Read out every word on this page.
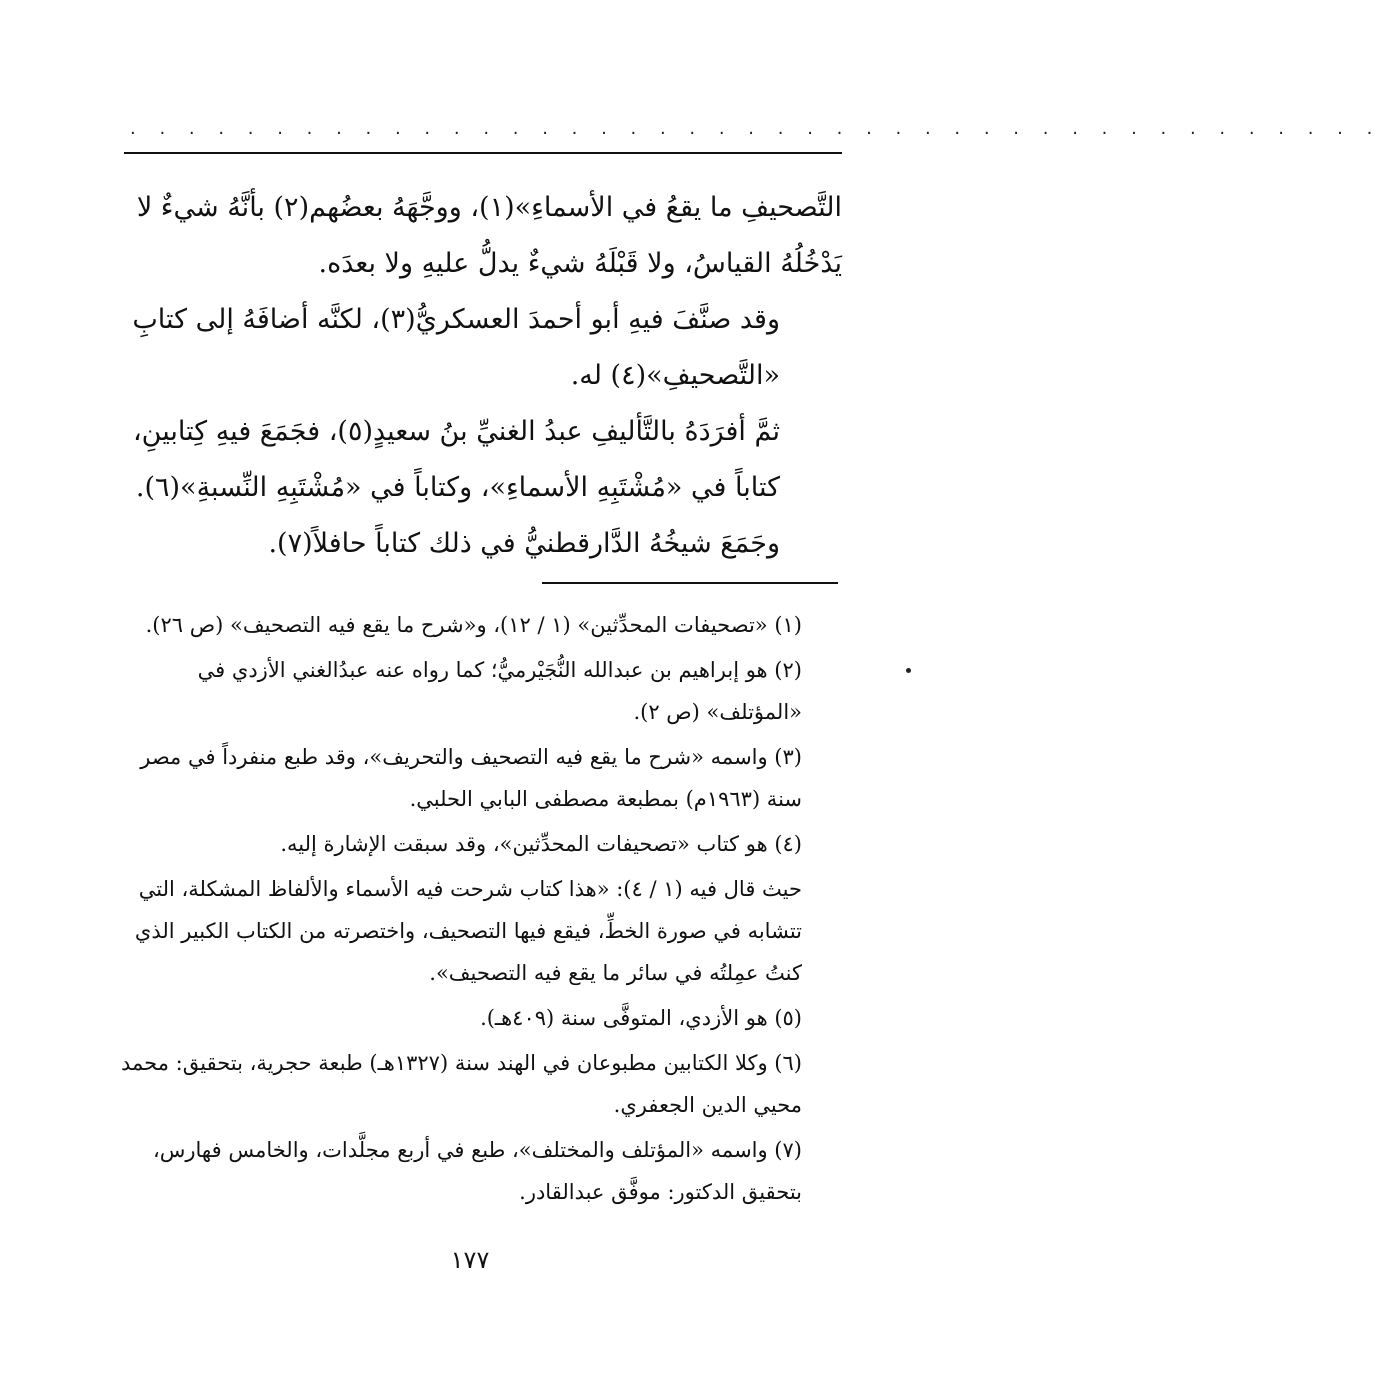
. . . . . . . . . . . . . . . . . . . . . . . . . . . . . . . . . . . . . . . . . . .

التَّصحيفِ ما يقعُ في الأسماءِ»(١)، ووجَّهَهُ بعضُهم(٢) بأنَّهُ شيءٌ لا يَدْخُلُهُ القياسُ، ولا قَبْلَهُ شيءٌ يدلُّ عليهِ ولا بعدَه.

وقد صنَّفَ فيهِ أبو أحمدَ العسكريُّ(٣)، لكنَّه أضافَهُ إلى كتابِ «التَّصحيفِ»(٤) له.

ثمَّ أفرَدَهُ بالتَّأليفِ عبدُ الغنيِّ بنُ سعيدٍ(٥)، فجَمَعَ فيهِ كِتابينِ، كتاباً في «مُشْتَبِهِ الأسماءِ»، وكتاباً في «مُشْتَبِهِ النِّسبةِ»(٦).

وجَمَعَ شيخُهُ الدَّارقطنيُّ في ذلك كتاباً حافلاً(٧).

(١) «تصحيفات المحدِّثين» (١ / ١٢)، و«شرح ما يقع فيه التصحيف» (ص ٢٦).

(٢) هو إبراهيم بن عبدالله النُّجَيْرميُّ؛ كما رواه عنه عبدُالغني الأزدي في «المؤتلف» (ص ٢).

(٣) واسمه «شرح ما يقع فيه التصحيف والتحريف»، وقد طبع منفرداً في مصر سنة (١٩٦٣م) بمطبعة مصطفى البابي الحلبي.

(٤) هو كتاب «تصحيفات المحدِّثين»، وقد سبقت الإشارة إليه.

حيث قال فيه (١ / ٤): «هذا كتاب شرحت فيه الأسماء والألفاظ المشكلة، التي تتشابه في صورة الخطِّ، فيقع فيها التصحيف، واختصرته من الكتاب الكبير الذي كنتُ عمِلتُه في سائر ما يقع فيه التصحيف».

(٥) هو الأزدي، المتوفَّى سنة (٤٠٩هـ).

(٦) وكلا الكتابين مطبوعان في الهند سنة (١٣٢٧هـ) طبعة حجرية، بتحقيق: محمد محيي الدين الجعفري.

(٧) واسمه «المؤتلف والمختلف»، طبع في أربع مجلَّدات، والخامس فهارس، بتحقيق الدكتور: موفَّق عبدالقادر.

١٧٧
